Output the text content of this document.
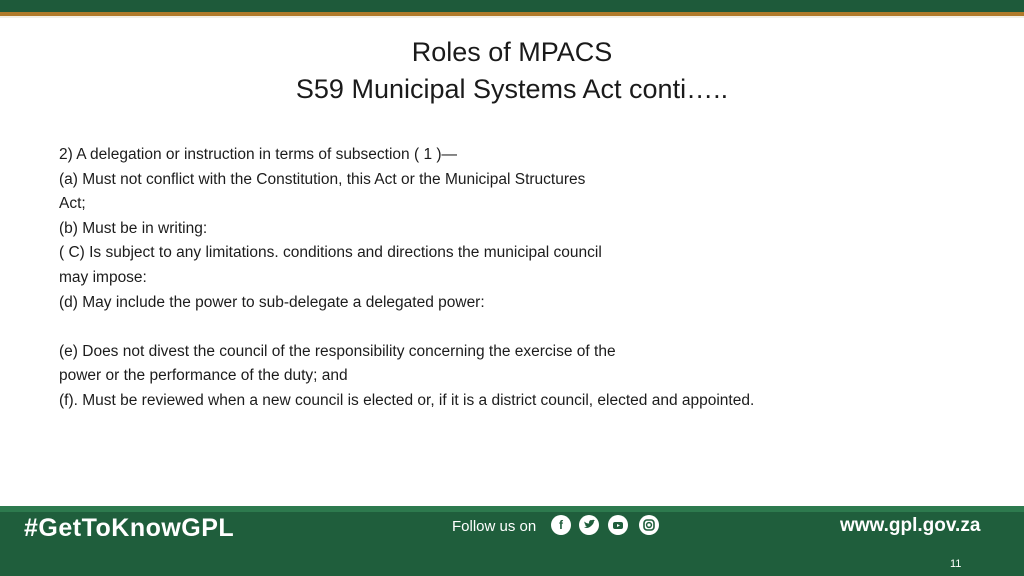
Roles of MPACS
S59 Municipal Systems Act conti…..
2) A delegation or instruction in terms of subsection ( 1 )—
(a) Must not conflict with the Constitution, this Act or the Municipal Structures
Act;
(b) Must be in writing:
( C) Is subject to any limitations. conditions and directions the municipal council
may impose:
(d) May include the power to sub-delegate a delegated power:
(e) Does not divest the council of the responsibility concerning the exercise of the
power or the performance of the duty; and
(f). Must be reviewed when a new council is elected or, if it is a district council, elected and appointed.
#GetToKnowGPL	Follow us on	f	www.gpl.gov.za
11
